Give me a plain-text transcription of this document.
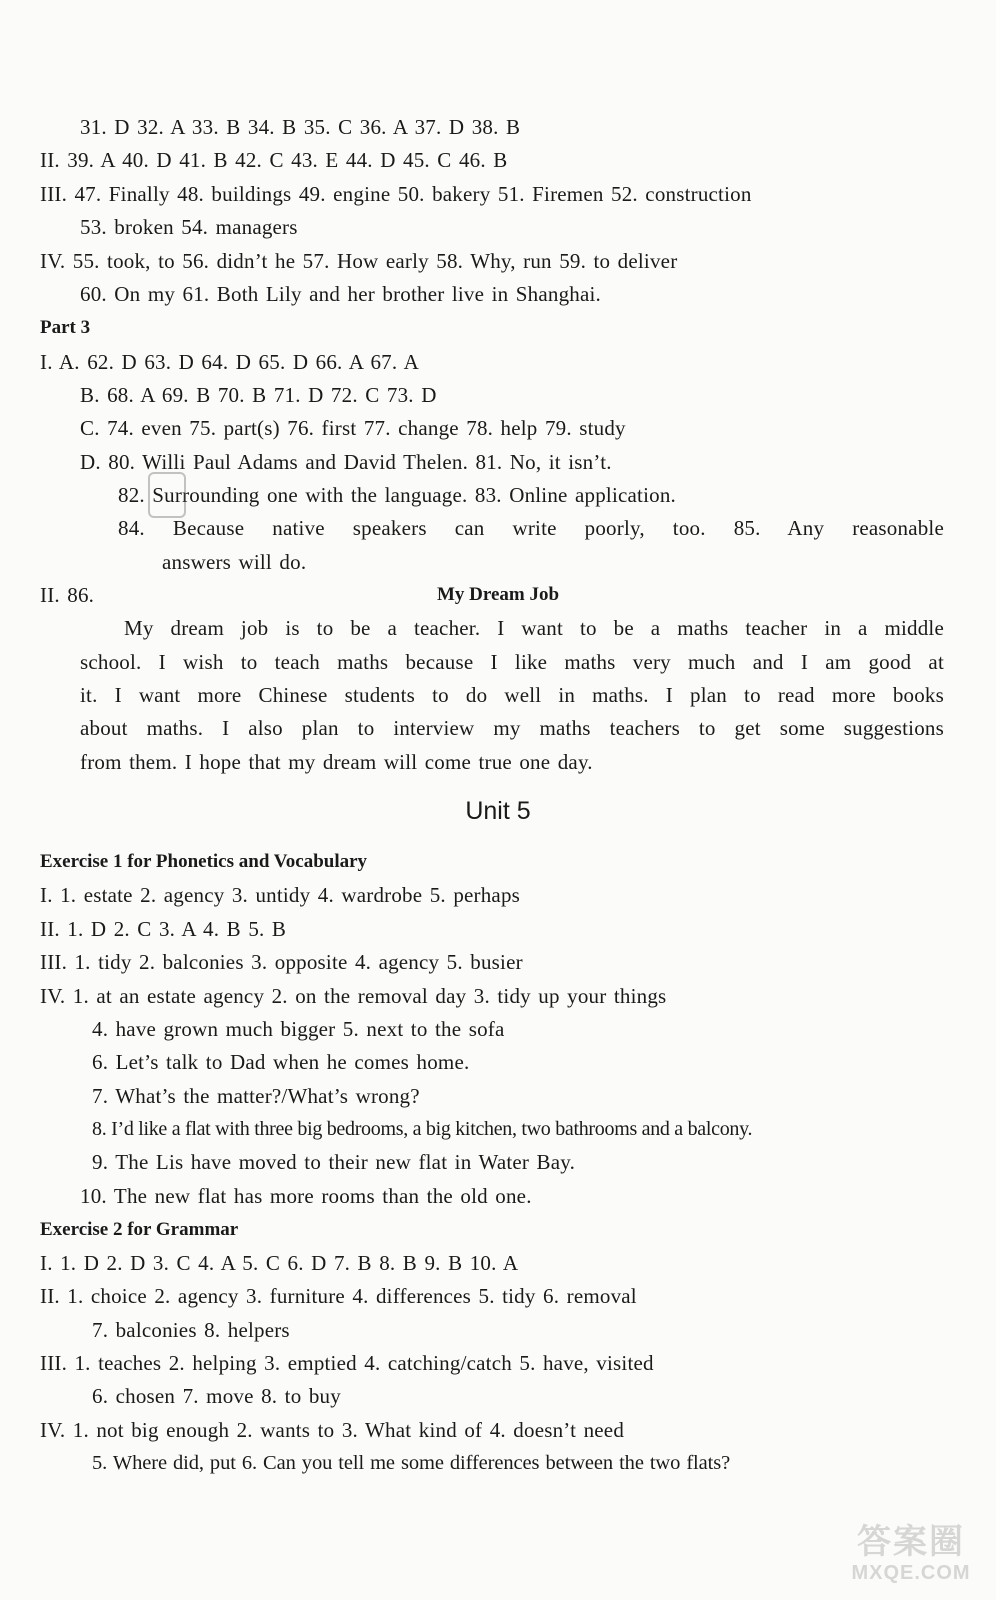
31. D 32. A 33. B 34. B 35. C 36. A 37. D 38. B
II. 39. A 40. D 41. B 42. C 43. E 44. D 45. C 46. B
III. 47. Finally 48. buildings 49. engine 50. bakery 51. Firemen 52. construction
53. broken 54. managers
IV. 55. took, to 56. didn’t he 57. How early 58. Why, run 59. to deliver
60. On my 61. Both Lily and her brother live in Shanghai.
Part 3
I. A. 62. D 63. D 64. D 65. D 66. A 67. A
B. 68. A 69. B 70. B 71. D 72. C 73. D
C. 74. even 75. part(s) 76. first 77. change 78. help 79. study
D. 80. Willi Paul Adams and David Thelen. 81. No, it isn’t.
82. Surrounding one with the language. 83. Online application.
84. Because native speakers can write poorly, too. 85. Any reasonable
answers will do.
II. 86.	My Dream Job
My dream job is to be a teacher. I want to be a maths teacher in a middle
school. I wish to teach maths because I like maths very much and I am good at
it. I want more Chinese students to do well in maths. I plan to read more books
about maths. I also plan to interview my maths teachers to get some suggestions
from them. I hope that my dream will come true one day.
Unit 5
Exercise 1 for Phonetics and Vocabulary
I. 1. estate 2. agency 3. untidy 4. wardrobe 5. perhaps
II. 1. D 2. C 3. A 4. B 5. B
III. 1. tidy 2. balconies 3. opposite 4. agency 5. busier
IV. 1. at an estate agency 2. on the removal day 3. tidy up your things
4. have grown much bigger 5. next to the sofa
6. Let’s talk to Dad when he comes home.
7. What’s the matter?/What’s wrong?
8. I’d like a flat with three big bedrooms, a big kitchen, two bathrooms and a balcony.
9. The Lis have moved to their new flat in Water Bay.
10. The new flat has more rooms than the old one.
Exercise 2 for Grammar
I. 1. D 2. D 3. C 4. A 5. C 6. D 7. B 8. B 9. B 10. A
II. 1. choice 2. agency 3. furniture 4. differences 5. tidy 6. removal
7. balconies 8. helpers
III. 1. teaches 2. helping 3. emptied 4. catching/catch 5. have, visited
6. chosen 7. move 8. to buy
IV. 1. not big enough 2. wants to 3. What kind of 4. doesn’t need
5. Where did, put 6. Can you tell me some differences between the two flats?
答案圈
MXQE.COM
